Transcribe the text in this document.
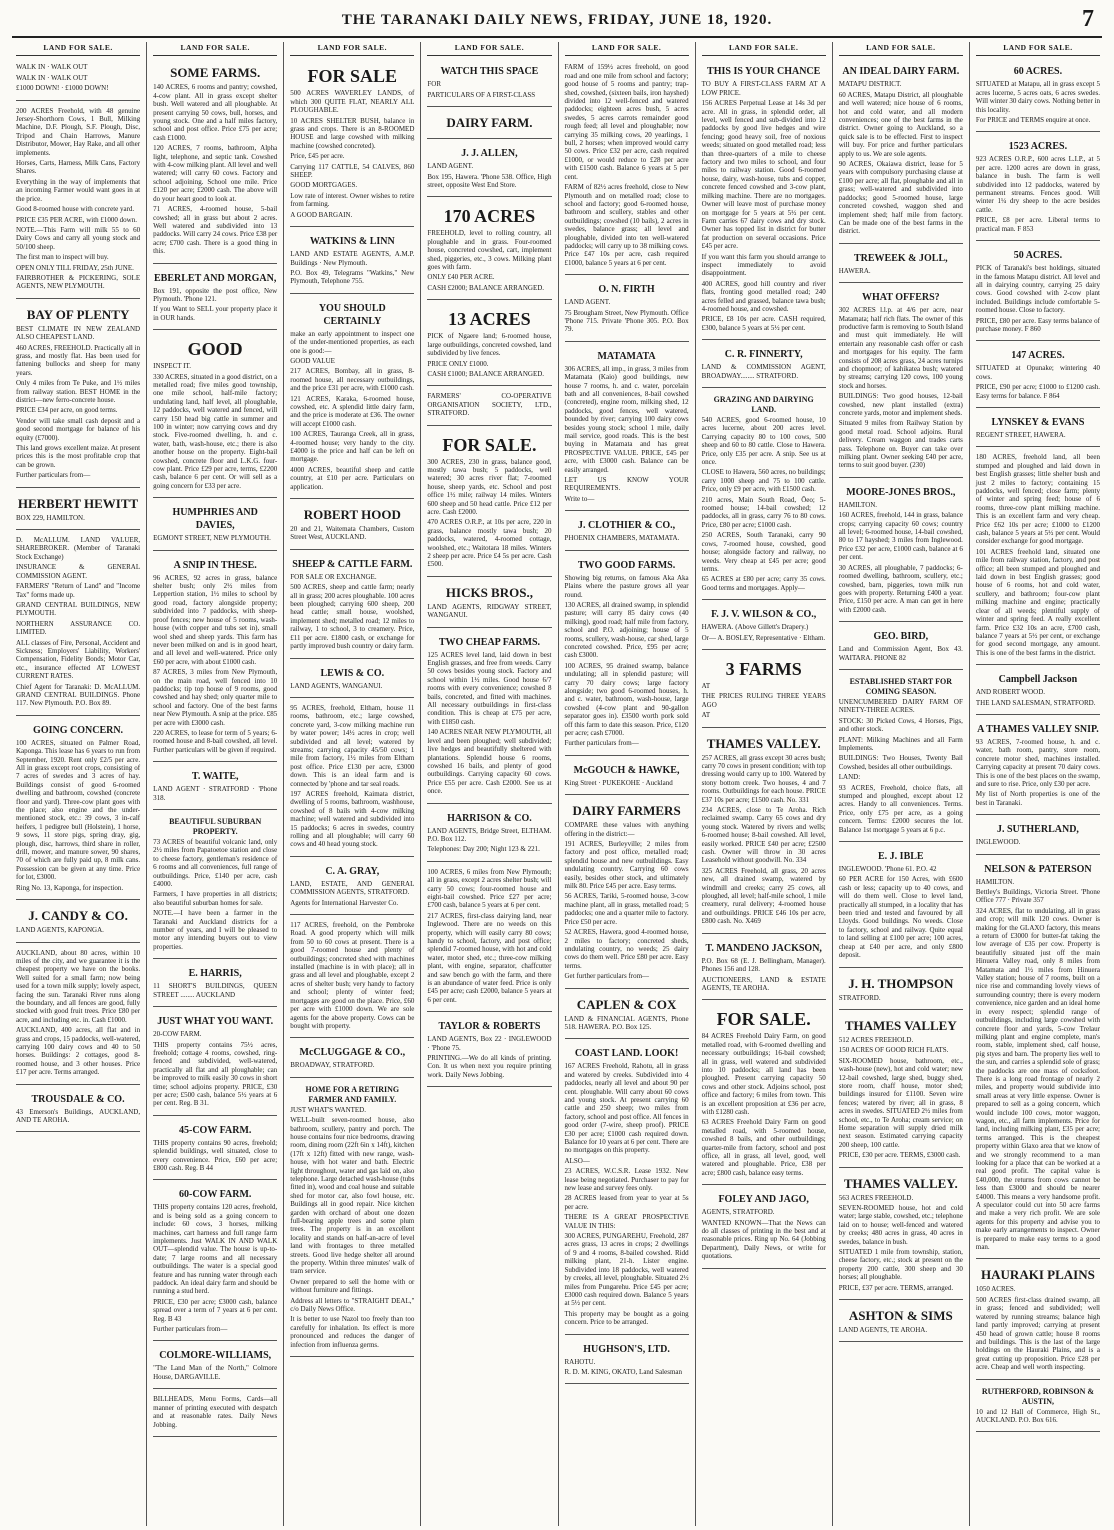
THE TARANAKI DAILY NEWS, FRIDAY, JUNE 18, 1920.	7
LAND FOR SALE.

WALK IN · WALK OUT

WALK IN · WALK OUT

£1000 DOWN! · £1000 DOWN!

200 ACRES Freehold, with 48 genuine Jersey-Shorthorn Cows, 1 Bull, Milking Machine, D.F. Plough, S.F. Plough, Disc, Tripod and Chain Harrows, Manure Distributor, Mower, Hay Rake, and all other implements.

Horses, Carts, Harness, Milk Cans, Factory Shares.

Everything in the way of implements that an incoming Farmer would want goes in at the price.

Good 8-roomed house with concrete yard.

PRICE £35 PER ACRE, with £1000 down.

NOTE.—This Farm will milk 55 to 60 Dairy Cows and carry all young stock and 50/100 sheep.

The first man to inspect will buy.

OPEN ONLY TILL FRIDAY, 25th JUNE.

FAIRBROTHER & PICKERING, SOLE AGENTS, NEW PLYMOUTH.

BAY OF PLENTY

BEST CLIMATE IN NEW ZEALAND ALSO CHEAPEST LAND.

460 ACRES, FREEHOLD. Practically all in grass, and mostly flat. Has been used for fattening bullocks and sheep for many years.

Only 4 miles from Te Puke, and 1½ miles from railway station. BEST HOME in the district—new ferro-concrete house.

PRICE £34 per acre, on good terms.

Vendor will take small cash deposit and a good second mortgage for balance of his equity (£7000).

This land grows excellent maize. At present prices this is the most profitable crop that can be grown.

Further particulars from—

HERBERT HEWITT

BOX 229, HAMILTON.

D. McALLUM. LAND VALUER, SHAREBROKER. (Member of Taranaki Stock Exchange)

INSURANCE & GENERAL COMMISSION AGENT.

FARMERS' "Return of Land" and "Income Tax" forms made up.

GRAND CENTRAL BUILDINGS, NEW PLYMOUTH.

NORTHERN ASSURANCE CO. LIMITED.

ALL classes of Fire, Personal, Accident and Sickness; Employers' Liability, Workers' Compensation, Fidelity Bonds; Motor Car, etc., insurance effected AT LOWEST CURRENT RATES.

Chief Agent for Taranaki: D. McALLUM. GRAND CENTRAL BUILDINGS. Phone 117. New Plymouth. P.O. Box 89.

GOING CONCERN.

100 ACRES, situated on Palmer Road, Kaponga. This lease has 6 years to run from September, 1920. Rent only £2/5 per acre. All in grass except root crops, consisting of 7 acres of swedes and 3 acres of hay. Buildings consist of good 6-roomed dwelling and bathroom, cowshed (concrete floor and yard). Three-cow plant goes with the place; also engine and the under-mentioned stock, etc.: 39 cows, 3 in-calf heifers, 1 pedigree bull (Holstein), 1 horse, 9 sows, 11 store pigs, spring dray, gig, plough, disc, harrows, third share in roller, drill, mower, and manure sower, 90 shares, 70 of which are fully paid up, 8 milk cans. Possession can be given at any time. Price for lot, £3000.

Ring No. 13, Kaponga, for inspection.

J. CANDY & CO.

LAND AGENTS, KAPONGA.

AUCKLAND, about 80 acres, within 10 miles of the city, and we guarantee it is the cheapest property we have on the books. Well suited for a small farm; now being used for a town milk supply; lovely aspect, facing the sun. Taranaki River runs along the boundary, and all fences are good, fully stocked with good fruit trees. Price £80 per acre, and including etc. in. Cash £1000.

AUCKLAND, 400 acres, all flat and in grass and crops, 15 paddocks, well-watered, carrying 100 dairy cows and 40 to 50 horses. Buildings: 2 cottages, good 8-roomed house, and 3 other houses. Price £17 per acre. Terms arranged.

TROUSDALE & CO.

43 Emerson's Buildings, AUCKLAND, AND TE AROHA.

LAND FOR SALE.
SOME FARMS.

140 ACRES, 6 rooms and pantry; cowshed, 4-cow plant. All in grass except shelter bush. Well watered and all ploughable. At present carrying 50 cows, bull, horses, and young stock. One and a half miles factory, school and post office. Price £75 per acre; cash £1000.

120 ACRES, 7 rooms, bathroom, Alpha light, telephone, and septic tank. Cowshed with 4-cow milking plant. All level and well watered; will carry 60 cows. Factory and school adjoining. School one mile. Price £120 per acre; £2000 cash. The above will do your heart good to look at.

71 ACRES, 4-roomed house, 5-bail cowshed; all in grass but about 2 acres. Well watered and subdivided into 13 paddocks. Will carry 24 cows. Price £38 per acre; £700 cash. There is a good thing in this.

EBERLET AND MORGAN,

Box 191, opposite the post office, New Plymouth. 'Phone 121.

If you Want to SELL your property place it in OUR hands.

GOOD

INSPECT IT.

330 ACRES, situated in a good district, on a metalled road; five miles good township, one mile school, half-mile factory; undulating land, half level, all ploughable, 12 paddocks, well watered and fenced, will carry 150 head big cattle in summer and 100 in winter; now carrying cows and dry stock. Five-roomed dwelling, h. and c. water, bath, wash-house, etc.; there is also another house on the property. Eight-bail cowshed, concrete floor and L.K.G. four-cow plant. Price £29 per acre, terms, £2200 cash, balance 6 per cent. Or will sell as a going concern for £33 per acre.

HUMPHRIES AND DAVIES,

EGMONT STREET, NEW PLYMOUTH.

A SNIP IN THESE.

96 ACRES, 92 acres in grass, balance shelter bush; only 2½ miles from Leppertion station, 1½ miles to school by good road, factory alongside property; subdivided into 7 paddocks, with sheep-proof fences; new house of 5 rooms, wash-house (with copper and tubs set in), small wool shed and sheep yards. This farm has never been milked on and is in good heart, and all level and well-watered. Price only £60 per acre, with about £1000 cash.

87 ACRES, 3 miles from New Plymouth, on the main road, well fenced into 10 paddocks; tip top house of 9 rooms, good cowshed and hay shed; only quarter mile to school and factory. One of the best farms near New Plymouth. A snip at the price. £85 per acre with £3000 cash.

220 ACRES, to lease for term of 5 years; 6-roomed house and 8-bail cowshed, all level. Further particulars will be given if required.

T. WAITE,

LAND AGENT · STRATFORD · 'Phone 318.

BEAUTIFUL SUBURBAN PROPERTY.

73 ACRES of beautiful volcanic land, only 2½ miles from Papatoetoe station and close to cheese factory, gentleman's residence of 6 rooms and all conveniences, full range of outbuildings. Price, £140 per acre, cash £4000.

Farmers, I have properties in all districts; also beautiful suburban homes for sale.

NOTE.—I have been a farmer in the Taranaki and Auckland districts for a number of years, and I will be pleased to motor any intending buyers out to view properties.

E. HARRIS,

11 SHORT'S BUILDINGS, QUEEN STREET ........ AUCKLAND

JUST WHAT YOU WANT.

20-COW FARM.

THIS property contains 75½ acres, freehold; cottage 4 rooms, cowshed, ring-fenced and subdivided, well-watered, practically all flat and all ploughable; can be improved to milk easily 30 cows in short time; school adjoins property. PRICE, £30 per acre; £500 cash, balance 5½ years at 6 per cent. Reg. B 31.

45-COW FARM.

THIS property contains 90 acres, freehold; splendid buildings, well situated, close to every convenience. Price, £60 per acre; £800 cash. Reg. B 44

60-COW FARM.

THIS property contains 120 acres, freehold, and is being sold as a going concern to include: 60 cows, 3 horses, milking machines, cart harness and full range farm implements. Just WALK IN AND WALK OUT—splendid value. The house is up-to-date; 7 large rooms and all necessary outbuildings. The water is a special good feature and has running water through each paddock. An ideal dairy farm and should be running a stud herd.

PRICE, £30 per acre; £3000 cash, balance spread over a term of 7 years at 6 per cent. Reg. B 43

Further particulars from—

COLMORE-WILLIAMS,

"The Land Man of the North," Colmore House, DARGAVILLE.

BILLHEADS, Menu Forms, Cards—all manner of printing executed with despatch and at reasonable rates. Daily News Jobbing.

LAND FOR SALE.
FOR SALE

500 ACRES WAVERLEY LANDS, of which 300 QUITE FLAT, NEARLY ALL PLOUGHABLE.

10 ACRES SHELTER BUSH, balance in grass and crops. There is an 8-ROOMED HOUSE and large cowshed with milking machine (cowshed concreted).

Price, £45 per acre.

Carrying 117 CATTLE, 54 CALVES, 860 SHEEP.

GOOD MORTGAGES.

Low rate of interest. Owner wishes to retire from farming.

A GOOD BARGAIN.

WATKINS & LINN

LAND AND ESTATE AGENTS, A.M.P. Buildings · New Plymouth.

P.O. Box 49, Telegrams "Watkins," New Plymouth, Telephone 755.

YOU SHOULD CERTAINLY

make an early appointment to inspect one of the under-mentioned properties, as each one is good:—

GOOD VALUE

217 ACRES, Bombay, all in grass, 8-roomed house, all necessary outbuildings, and the price £31 per acre, with £1000 cash.

121 ACRES, Karaka, 6-roomed house, cowshed, etc. A splendid little dairy farm, and the price is moderate at £36. The owner will accept £1000 cash.

100 ACRES, Tauranga Creek, all in grass, 4-roomed house; very handy to the city. £4000 is the price and half can be left on mortgage.

4000 ACRES, beautiful sheep and cattle country, at £10 per acre. Particulars on application.

ROBERT HOOD

20 and 21, Waitemata Chambers, Custom Street West, AUCKLAND.

SHEEP & CATTLE FARM.

FOR SALE OR EXCHANGE.

500 ACRES, sheep and cattle farm; nearly all in grass; 200 acres ploughable. 100 acres been ploughed; carrying 600 sheep, 200 head cattle; small house, woolshed, implement shed; metalled road; 12 miles to railway, 1 to school, 3 to creamery. Price, £11 per acre. £1800 cash, or exchange for partly improved bush country or dairy farm.

LEWIS & CO.

LAND AGENTS, WANGANUI.

95 ACRES, freehold, Eltham, house 11 rooms, bathroom, etc.; large cowshed, concrete yard, 3-cow milking machine run by water power; 14½ acres in crop; well subdivided and all level; watered by streams; carrying capacity 45/50 cows; 1 mile from factory, 1½ miles from Eltham post office. Price £130 per acre, £3000 down. This is an ideal farm and is connected by 'phone and tar seal roads.

197 ACRES freehold, Kaimata district, dwelling of 5 rooms, bathroom, washhouse, cowshed of 8 bails with 4-cow milking machine; well watered and subdivided into 15 paddocks; 6 acres in swedes, country rolling and all ploughable; will carry 60 cows and 40 head young stock.

C. A. GRAY,

LAND, ESTATE, AND GENERAL COMMISSION AGENTS, STRATFORD.

Agents for International Harvester Co.

117 ACRES, freehold, on the Pembroke Road. A good property which will milk from 50 to 60 cows at present. There is a good 7-roomed house and plenty of outbuildings; concreted shed with machines installed (machine is in with place); all in grass and all level and ploughable, except 2 acres of shelter bush; very handy to factory and school; plenty of winter feed; mortgages are good on the place. Price, £60 per acre with £1000 down. We are sole agents for the above property. Cows can be bought with property.

McCLUGGAGE & CO.,

BROADWAY, STRATFORD.

HOME FOR A RETIRING FARMER AND FAMILY.

JUST WHAT'S WANTED.

WELL-built seven-roomed house, also bathroom, scullery, pantry and porch. The house contains four nice bedrooms, drawing room, dining room (22ft 6in x 14ft), kitchen (17ft x 12ft) fitted with new range, wash-house, with hot water and bath. Electric light throughout, water and gas laid on, also telephone. Large detached wash-house (tubs fitted in), wood and coal house and suitable shed for motor car, also fowl house, etc. Buildings all in good repair. Nice kitchen garden with orchard of about one dozen full-bearing apple trees and some plum trees. The property is in an excellent locality and stands on half-an-acre of level land with frontages to three metalled streets. Good live hedge shelter all around the property. Within three minutes' walk of tram service.

Owner prepared to sell the home with or without furniture and fittings.

Address all letters to "STRAIGHT DEAL," c/o Daily News Office.

It is better to use Nazol too freely than too carefully for inhalation. Its effect is more pronounced and reduces the danger of infection from influenza germs.

LAND FOR SALE.
WATCH THIS SPACE

FOR

PARTICULARS OF A FIRST-CLASS

DAIRY FARM.
J. J. ALLEN,

LAND AGENT.

Box 195, Hawera. 'Phone 538. Office, High street, opposite West End Store.

170 ACRES

FREEHOLD, level to rolling country, all ploughable and in grass. Four-roomed house, concreted cowshed, cart, implement shed, piggeries, etc., 3 cows. Milking plant goes with farm.

ONLY £40 PER ACRE.

CASH £2000; BALANCE ARRANGED.

13 ACRES

PICK of Ngaere land; 6-roomed house, large outbuildings, concreted cowshed, land subdivided by live fences.

PRICE ONLY £1000.

CASH £1000; BALANCE ARRANGED.

FARMERS' CO-OPERATIVE ORGANISATION SOCIETY, LTD., STRATFORD.

FOR SALE.

300 ACRES, 230 in grass, balance good, mostly tawa bush; 5 paddocks, well watered; 30 acres river flat; 7-roomed house, sheep yards, etc. School and post office 1½ mile; railway 14 miles. Winters 600 sheep and 50 head cattle. Price £12 per acre. Cash £2000.

470 ACRES O.R.P., at 10s per acre, 220 in grass, balance mostly tawa bush; 20 paddocks, watered, 4-roomed cottage, woolshed, etc.; Waitotara 18 miles. Winters 2 sheep per acre. Price £4 5s per acre. Cash £500.

HICKS BROS.,

LAND AGENTS, RIDGWAY STREET, WANGANUI.

TWO CHEAP FARMS.

125 ACRES level land, laid down in best English grasses, and free from weeds. Carry 50 cows besides young stock. Factory and school within 1½ miles. Good house 6/7 rooms with every convenience; cowshed 8 bails, concreted, and fitted with machines. All necessary outbuildings in first-class condition. This is cheap at £75 per acre, with £1850 cash.

140 ACRES NEAR NEW PLYMOUTH, all level and been ploughed; well subdivided; live hedges and beautifully sheltered with plantations. Splendid house 6 rooms, cowshed 16 bails, and plenty of good outbuildings. Carrying capacity 60 cows. Price £55 per acre. Cash £2000. See us at once.

HARRISON & CO.

LAND AGENTS, Bridge Street, ELTHAM. P.O. Box 112.

Telephones: Day 200; Night 123 & 221.

100 ACRES, 6 miles from New Plymouth; all in grass, except 2 acres shelter bush; will carry 50 cows; four-roomed house and eight-bail cowshed. Price £27 per acre; £700 cash, balance 5 years at 6 per cent.

217 ACRES, first-class dairying land, near Inglewood. There are no weeds on this property, which will easily carry 80 cows; handy to school, factory, and post office; splendid 7-roomed house, with hot and cold water, motor shed, etc.; three-cow milking plant, with engine, separator, chaffcutter and saw bench go with the farm, and there is an abundance of water feed. Price is only £45 per acre; cash £2000, balance 5 years at 6 per cent.

TAYLOR & ROBERTS

LAND AGENTS, Box 22 · INGLEWOOD · 'Phone 75.

PRINTING.—We do all kinds of printing. Con. It us when next you require printing work. Daily News Jobbing.

LAND FOR SALE.

FARM of 159½ acres freehold, on good road and one mile from school and factory; good house of 5 rooms and pantry; trap-shed, cowshed, (sixteen bails, iron hayshed) divided into 12 well-fenced and watered paddocks; eighteen acres bush, 5 acres swedes, 5 acres carrots remainder good rough feed; all level and ploughable; now carrying 35 milking cows, 20 yearlings, 1 bull, 2 horses; when improved would carry 50 cows. Price £32 per acre, cash required £1000, or would reduce to £28 per acre with £1500 cash. Balance 6 years at 5 per cent.

FARM of 82½ acres freehold, close to New Plymouth and on metalled road; close to school and factory; good 6-roomed house, bathroom and scullery, stables and other outbuildings; cowshed (10 bails), 2 acres in swedes, balance grass; all level and ploughable, divided into ten well-watered paddocks; will carry up to 38 milking cows. Price £47 10s per acre, cash required £1000, balance 5 years at 6 per cent.

O. N. FIRTH

LAND AGENT.

75 Brougham Street, New Plymouth. Office 'Phone 715. Private 'Phone 305. P.O. Box 79.

MATAMATA

306 ACRES, all imp., in grass, 3 miles from Matamata (Kaio) good buildings, new house 7 rooms, h. and c. water, porcelain bath and all conveniences, 8-bail cowshed (concreted), engine room, milking shed, 12 paddocks, good fences, well watered, bounded by river; carrying 100 dairy cows besides young stock; school 1 mile, daily mail service, good roads. This is the best buying in Matamata and has great PROSPECTIVE VALUE. PRICE, £45 per acre, with £3000 cash. Balance can be easily arranged.

LET US KNOW YOUR REQUIREMENTS.

Write to—

J. CLOTHIER & CO.,

PHOENIX CHAMBERS, MATAMATA.

TWO GOOD FARMS.

Showing big returns, on famous Aka Aka Plains where the pasture grows all year round.

130 ACRES, all drained swamp, in splendid pasture; will carry 85 dairy cows (40 milking), good road; half mile from factory, school and P.O. adjoining; house of 5 rooms, scullery, wash-house, car shed, large concreted cowshed. Price, £95 per acre; cash £3000.

100 ACRES, 95 drained swamp, balance undulating; all in splendid pasture; will carry 70 dairy cows; large factory alongside; two good 6-roomed houses, h. and c. water, bathroom, wash-house, large cowshed (4-cow plant and 90-gallon separator goes in). £3500 worth pork sold off this farm to date this season. Price, £120 per acre; cash £7000.

Further particulars from—

McGOUCH & HAWKE,

King Street · PUKEKOHE · Auckland

DAIRY FARMERS

COMPARE these values with anything offering in the district:—

191 ACRES, Burleyville; 2 miles from factory and post office, metalled road; splendid house and new outbuildings. Easy undulating country. Carrying 60 cows easily, besides other stock, and ultimately milk 80. Price £45 per acre. Easy terms.

56 ACRES, Tariki, 5-roomed house, 3-cow machine plant, all in grass, metalled road; 5 paddocks; one and a quarter mile to factory. Price £50 per acre.

52 ACRES, Hawera, good 4-roomed house, 2 miles to factory; concreted sheds, undulating country, no weeds; 25 dairy cows do them well. Price £80 per acre. Easy terms.

Get further particulars from—

CAPLEN & COX

LAND & FINANCIAL AGENTS, Phone 518. HAWERA. P.O. Box 125.

COAST LAND. LOOK!

167 ACRES Freehold, Rahotu, all in grass and watered by creeks. Subdivided into 4 paddocks, nearly all level and about 90 per cent. ploughable. Will carry about 60 cows and young stock. At present carrying 60 cattle and 250 sheep; two miles from factory, school and post office. All fences in good order (7-wire, sheep proof). PRICE £30 per acre; £1000 cash required down. Balance for 10 years at 6 per cent. There are no mortgages on this property.

ALSO—

23 ACRES, W.C.S.R. Lease 1932. New lease being negotiated. Purchaser to pay for new lease and survey fees only.

28 ACRES leased from year to year at 5s per acre.

THERE IS A GREAT PROSPECTIVE VALUE IN THIS:

300 ACRES, PUNGAREHU, Freehold, 287 acres grass, 13 acres in crops; 2 dwellings of 9 and 4 rooms, 8-bailed cowshed. Ridd milking plant, 21-h. Lister engine. Subdivided into 18 paddocks, well watered by creeks, all level, ploughable. Situated 2½ miles from Pungarehu. Price £45 per acre; £3000 cash required down. Balance 5 years at 5½ per cent.

This property may be bought as a going concern. Price to be arranged.

HUGHSON'S, LTD.

RAHOTU.

R. D. M. KING, OKATO, Land Salesman

LAND FOR SALE.
THIS IS YOUR CHANCE

TO BUY A FIRST-CLASS FARM AT A LOW PRICE.

156 ACRES Perpetual Lease at 14s 3d per acre. All in grass, in splendid order, all level, well fenced and sub-divided into 12 paddocks by good live hedges and wire fencing; good heavy soil, free of noxious weeds; situated on good metalled road; less than three-quarters of a mile to cheese factory and two miles to school, and four miles to railway station. Good 6-roomed house, dairy, wash-house, tubs and copper, concrete fenced cowshed and 3-cow plant, milking machine. There are no mortgages. Owner will leave most of purchase money on mortgage for 5 years at 5½ per cent. Farm carries 67 dairy cows and dry stock. Owner has topped list in district for butter fat production on several occasions. Price £45 per acre.

If you want this farm you should arrange to inspect immediately to avoid disappointment.

400 ACRES, good hill country and river flats, fronting good metalled road; 240 acres felled and grassed, balance tawa bush; 4-roomed house, and cowshed.

PRICE, £8 10s per acre. CASH required, £300, balance 5 years at 5½ per cent.

C. R. FINNERTY,

LAND & COMMISSION AGENT, BROADWAY........ STRATFORD.

GRAZING AND DAIRYING LAND.

540 ACRES, good 6-roomed house, 10 acres lucerne, about 200 acres level. Carrying capacity 80 to 100 cows, 500 sheep and 60 to 80 cattle. Close to Hawera. Price, only £35 per acre. A snip. See us at once.

CLOSE to Hawera, 560 acres, no buildings; carry 1000 sheep and 75 to 100 cattle. Price, only £9 per acre, with £1500 cash.

210 acres, Main South Road, Ōeo; 5-roomed house; 14-bail cowshed; 12 paddocks, all in grass, carry 76 to 80 cows. Price, £80 per acre; £1000 cash.

250 ACRES, South Taranaki, carry 90 cows, 7-roomed house, cowshed, good house; alongside factory and railway, no weeds. Very cheap at £45 per acre; good terms.

65 ACRES at £80 per acre; carry 35 cows. Good terms and mortgages. Apply—

F. J. V. WILSON & CO.,

HAWERA. (Above Gillett's Drapery.)

Or— A. BOSLEY, Representative · Eltham.

3 FARMS

AT

THE PRICES RULING THREE YEARS AGO

AT

THAMES VALLEY.

257 ACRES, all grass except 30 acres bush; carry 70 cows in present condition; with top dressing would carry up to 100. Watered by stony bottom creek. Two houses, 4 and 7 rooms. Outbuildings for each house. PRICE £37 10s per acre; £1500 cash. No. 331

234 ACRES, close to Te Aroha. Rich reclaimed swamp. Carry 65 cows and dry young stock. Watered by rivers and wells; 6-roomed house; 8-bail cowshed. All level, easily worked. PRICE £40 per acre; £2500 cash. Owner will throw in 30 acres Leasehold without goodwill. No. 334

325 ACRES Freehold, all grass, 20 acres new, all drained swamp, watered by windmill and creeks; carry 25 cows, all ploughed, all level; half-mile school, 1 mile creamery, rural delivery; 4-roomed house and outbuildings. PRICE £46 10s per acre, £800 cash. No. X469

T. MANDENO JACKSON,

P.O. Box 68 (E. J. Bellingham, Manager). Phones 156 and 128.

AUCTIONEERS, LAND & ESTATE AGENTS, TE AROHA.

FOR SALE.

84 ACRES Freehold Dairy Farm, on good metalled road, with 6-roomed dwelling and necessary outbuildings; 16-bail cowshed; all in grass, well watered and subdivided into 10 paddocks; all land has been ploughed. Present carrying capacity 50 cows and other stock. Adjoins school, post office and factory; 6 miles from town. This is an excellent proposition at £36 per acre, with £1280 cash.

63 ACRES Freehold Dairy Farm on good metalled road, with 5-roomed house, cowshed 8 bails, and other outbuildings; quarter-mile from factory, school and post office, all in grass, all level, good, well watered and ploughable. Price, £38 per acre; £800 cash, balance easy terms.

FOLEY AND JAGO,

AGENTS, STRATFORD.

WANTED KNOWN—That the News can do all classes of printing in the best and at reasonable prices. Ring up No. 64 (Jobbing Department), Daily News, or write for quotations.

LAND FOR SALE.
AN IDEAL DAIRY FARM.

MATAPU DISTRICT.

60 ACRES, Matapu District, all ploughable and well watered; nice house of 6 rooms, hot and cold water, and all modern conveniences; one of the best farms in the district. Owner going to Auckland, so a quick sale is to be effected. First to inspect will buy. For price and further particulars apply to us. We are sole agents.

90 ACRES, Okaiawa district, lease for 5 years with compulsory purchasing clause at £100 per acre; all flat, ploughable and all in grass; well-watered and subdivided into paddocks; good 5-roomed house, large concreted cowshed, waggon shed and implement shed; half mile from factory. Can be made one of the best farms in the district.

TREWEEK & JOLL,

HAWERA.

WHAT OFFERS?

302 ACRES l.l.p. at 4/6 per acre, near Matamata; half rich flats. The owner of this productive farm is removing to South Island and must quit immediately. He will entertain any reasonable cash offer or cash and mortgages for his equity. The farm consists of 208 acres grass, 24 acres turnips and chopmoor; of kahikatea bush; watered by streams; carrying 120 cows, 100 young stock and horses.

BUILDINGS: Two good houses, 12-bail cowshed, new plant installed (extra) concrete yards, motor and implement sheds.

Situated 9 miles from Railway Station by good metal road. School adjoins. Rural delivery. Cream waggon and trades carts pass. Telephone on. Buyer can take over milking plant. Owner seeking £40 per acre, terms to suit good buyer. (230)

MOORE-JONES BROS.,

HAMILTON.

160 ACRES, freehold, 144 in grass, balance crops; carrying capacity 60 cows; country all level; 6-roomed house, 14-bail cowshed, 80 to 17 hayshed; 3 miles from Inglewood. Price £32 per acre, £1000 cash, balance at 6 per cent.

30 ACRES, all ploughable, 7 paddocks; 6-roomed dwelling, bathroom, scullery, etc.; cowshed, barn, piggeries, town milk run goes with property. Returning £400 a year. Price, £150 per acre. A man can get in here with £2000 cash.

GEO. BIRD,

Land and Commission Agent, Box 43. WAITARA. PHONE 82

ESTABLISHED START FOR COMING SEASON.

UNENCUMBERED DAIRY FARM OF NINETY-THREE ACRES.

STOCK: 30 Picked Cows, 4 Horses, Pigs, and other stock.

PLANT: Milking Machines and all Farm Implements.

BUILDINGS: Two Houses, Twenty Bail Cowshed, besides all other outbuildings.

LAND:

93 ACRES, Freehold, choice flats, all stumped and ploughed, except about 12 acres. Handy to all conveniences. Terms. Price, only £75 per acre, as a going concern. Terms: £2000 secures the lot. Balance 1st mortgage 5 years at 6 p.c.

E. J. IBLE

INGLEWOOD. 'Phone 61. P.O. 42

60 PER ACRE for 150 Acres, with £600 cash or less; capacity up to 40 cows, and will do them well. Close to level land, practically all stumped, in a locality that has been tried and tested and favoured by all Lloyds. Good buildings. No weeds. Close to factory, school and railway. Quite equal to land selling at £100 per acre; 100 acres, cheap at £40 per acre, and only £800 deposit.

J. H. THOMPSON

STRATFORD.

THAMES VALLEY

512 ACRES FREEHOLD.

150 ACRES OF GOOD RICH FLATS.

SIX-ROOMED house, bathroom, etc., wash-house (new), hot and cold water; new 12-bail cowshed, large shed, buggy shed, store room, chaff house, motor shed; buildings insured for £1100. Seven wire fences; watered by river; all in grass, 8 acres in swedes. SITUATED 2½ miles from school, etc., to Te Aroha; cream service; on Home separation will supply dried milk next season. Estimated carrying capacity 200 sheep, 100 cattle.

PRICE, £30 per acre. TERMS, £3000 cash.

THAMES VALLEY.

563 ACRES FREEHOLD.

SEVEN-ROOMED house, hot and cold water; large stable, cowshed, etc.; telephone laid on to house; well-fenced and watered by creeks; 480 acres in grass, 40 acres in swedes, balance in bush.

SITUATED 1 mile from township, station, cheese factory, etc.; stock at present on the property 200 cattle, 300 sheep and 30 horses; all ploughable.

PRICE, £37 per acre. TERMS, arranged.

ASHTON & SIMS

LAND AGENTS, TE AROHA.

LAND FOR SALE.
60 ACRES.

SITUATED at Matapu, all in grass except 5 acres lucerne, 5 acres oats, 6 acres swedes. Will winter 30 dairy cows. Nothing better in this locality.

For PRICE and TERMS enquire at once.

1523 ACRES.

923 ACRES O.R.P., 600 acres L.I.P., at 5 per acre. 1200 acres are down in grass, balance in bush. The farm is well subdivided into 12 paddocks, watered by permanent streams. Fences good. Will winter 1¼ dry sheep to the acre besides cattle.

PRICE, £8 per acre. Liberal terms to practical man. F 853

50 ACRES.

PICK of Taranaki's best holdings, situated in the famous Matapu district. All level and all in dairying country, carrying 25 dairy cows. Good cowshed with 2-cow plant included. Buildings include comfortable 5-roomed house. Close to factory.

PRICE, £80 per acre. Easy terms balance of purchase money. F 860

147 ACRES.

SITUATED at Opunake; wintering 40 cows.

PRICE, £90 per acre; £1000 to £1200 cash. Easy terms for balance. F 864

LYNSKEY & EVANS

REGENT STREET, HAWERA.

180 ACRES, freehold land, all been stumped and ploughed and laid down in best English grasses; little shelter bush and just 2 miles to factory; containing 15 paddocks, well fenced; close farm; plenty of winter and spring feed; house of 6 rooms, three-cow plant milking machine. This is an excellent farm and very cheap. Price £62 10s per acre; £1000 to £1200 cash, balance 5 years at 5½ per cent. Would consider exchange for good mortgage.

101 ACRES freehold land, situated one mile from railway station, factory, and post office; all been stumped and ploughed and laid down in best English grasses; good house of 6 rooms, hot and cold water, scullery, and bathroom; four-cow plant milking machine and engine; practically clear of all weeds; plentiful supply of winter and spring feed. A really excellent farm. Price £32 10s an acre, £700 cash, balance 7 years at 5½ per cent, or exchange for good second mortgage, any amount. This is one of the best farms in the district.

Campbell Jackson

AND ROBERT WOOD.

THE LAND SALESMAN, STRATFORD.

A THAMES VALLEY SNIP.

93 ACRES, 7-roomed house, h. and c. water, bath room, pantry, store room, concrete motor shed, machines installed. Carrying capacity at present 70 dairy cows. This is one of the best places on the swamp, and sure to rise. Price, only £30 per acre.

My list of North properties is one of the best in Taranaki.

J. SUTHERLAND,

INGLEWOOD.

NELSON & PATERSON

HAMILTON.

Bettley's Buildings, Victoria Street. 'Phone Office 777 · Private 357

324 ACRES, flat to undulating, all in grass and crop; will milk 120 cows. Owner is making for the GLAXO factory, this means a return of £3000 for butter-fat taking the low average of £35 per cow. Property is beautifully situated just off the main Hinuera Valley road, only 8 miles from Matamata and 1½ miles from Hinuera Valley station; house of 7 rooms, built on a nice rise and commanding lovely views of surrounding country; there is every modern convenience, nice garden and an ideal home in every respect; splendid range of outbuildings, including large cowshed with concrete floor and yards, 5-cow Trelaur milking plant and engine complete, man's room, stable, implement shed, calf house, pig styes and barn. The property lies well to the sun, and carries a splendid sole of grass; the paddocks are one mass of cocksfoot. There is a long road frontage of nearly 2 miles, and property would subdivide into small areas at very little expense. Owner is prepared to sell as a going concern, which would include 100 cows, motor waggon, wagon, etc., all farm implements. Price for land, including milking plant, £35 per acre; terms arranged. This is the cheapest property within Glaxo area that we know of and we strongly recommend to a man looking for a place that can be worked at a real good profit. The capital value is £40,000, the returns from cows cannot be less than £3000 and should be nearer £4000. This means a very handsome profit. A speculator could cut into 50 acre farms and make a very rich profit. We are sole agents for this property and advise you to make early arrangements to inspect. Owner is prepared to make easy terms to a good man.

HAURAKI PLAINS

1050 ACRES.

500 ACRES first-class drained swamp, all in grass; fenced and subdivided; well watered by running streams; balance high land partly improved; carrying at present 450 head of grown cattle; house 8 rooms and buildings. This is the last of the large holdings on the Hauraki Plains, and is a great cutting up proposition. Price £28 per acre. Cheap and well worth inspecting.

RUTHERFORD, ROBINSON & AUSTIN,

10 and 12 Hall of Commerce, High St., AUCKLAND. P.O. Box 616.
